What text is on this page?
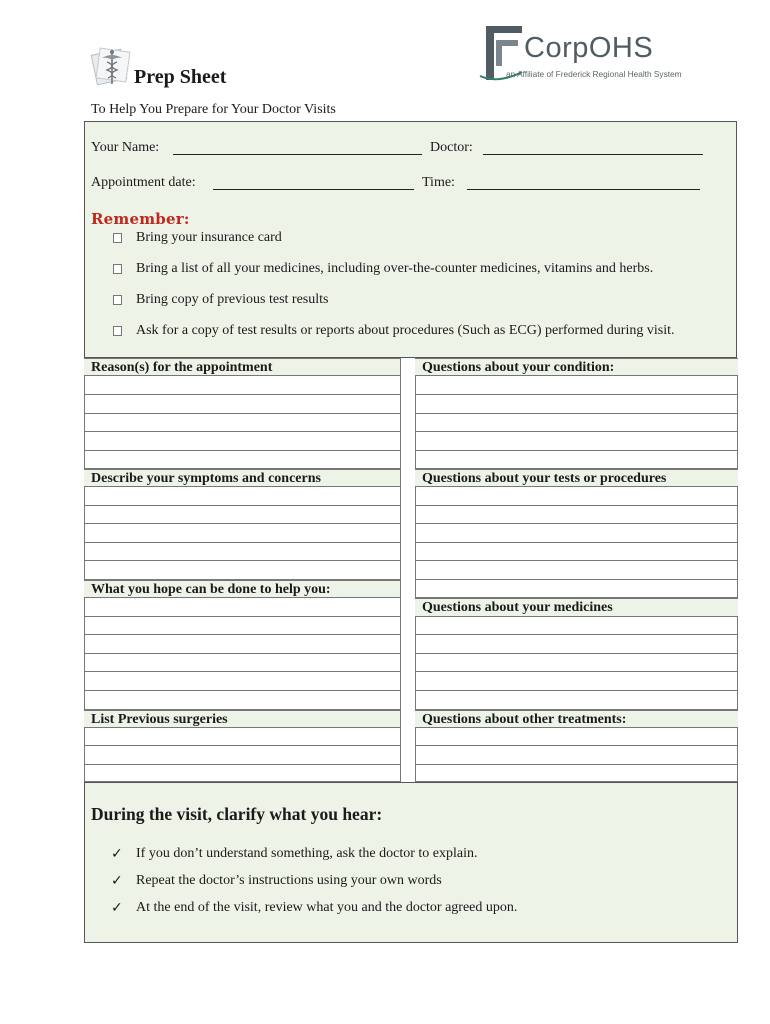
Prep Sheet
CorpOHS
an Affiliate of Frederick Regional Health System
To Help You Prepare for Your Doctor Visits
Your Name:	Doctor:
Appointment date:	Time:
Remember:
Bring your insurance card
Bring a list of all your medicines, including over-the-counter medicines, vitamins and herbs.
Bring copy of previous test results
Ask for a copy of test results or reports about procedures (Such as ECG) performed during visit.
Reason(s) for the appointment
Describe your symptoms and concerns
What you hope can be done to help you:
List Previous surgeries
Questions about your condition:
Questions about your tests or procedures
Questions about your medicines
Questions about other treatments:
During the visit, clarify what you hear:
✓ If you don’t understand something, ask the doctor to explain.
✓ Repeat the doctor’s instructions using your own words
✓ At the end of the visit, review what you and the doctor agreed upon.
